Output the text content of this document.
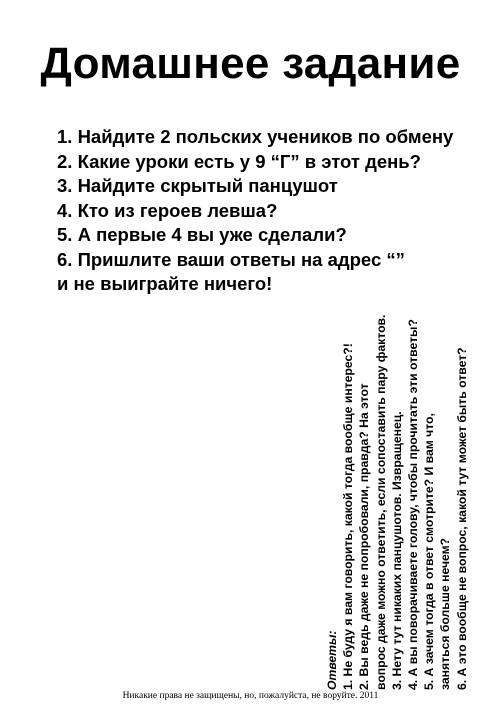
Домашнее задание
1. Найдите 2 польских учеников по обмену
2. Какие уроки есть у 9 “Г” в этот день?
3. Найдите скрытый панцушот
4. Кто из героев левша?
5. А первые 4 вы уже сделали?
6. Пришлите ваши ответы на адрес “”
и не выиграйте ничего!
Ответы: 1. Не буду я вам говорить, какой тогда вообще интерес?! 2. Вы ведь даже не попробовали, правда? На этот вопрос даже можно ответить, если сопоставить пару фактов. 3. Нету тут никаких панцушотов. Извращенец. 4. А вы поворачиваете голову, чтобы прочитать эти ответы? 5. А зачем тогда в ответ смотрите? И вам что, заняться больше нечем? 6. А это вообще не вопрос, какой тут может быть ответ?
Никакие права не защищены, но, пожалуйста, не воруйте. 2011
